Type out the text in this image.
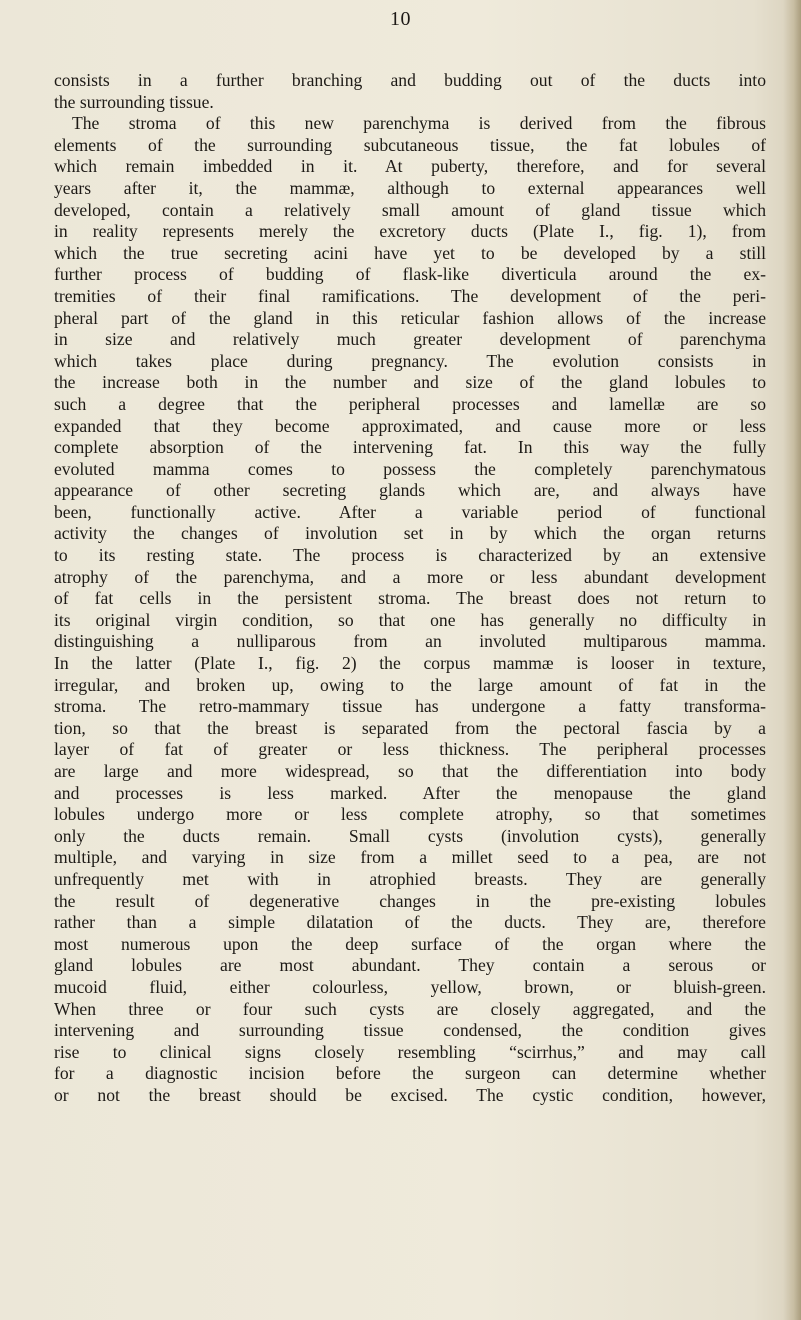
10
consists in a further branching and budding out of the ducts into
the surrounding tissue.
The stroma of this new parenchyma is derived from the fibrous
elements of the surrounding subcutaneous tissue, the fat lobules of
which remain imbedded in it. At puberty, therefore, and for several
years after it, the mammæ, although to external appearances well
developed, contain a relatively small amount of gland tissue which
in reality represents merely the excretory ducts (Plate I., fig. 1), from
which the true secreting acini have yet to be developed by a still
further process of budding of flask-like diverticula around the ex-
tremities of their final ramifications. The development of the peri-
pheral part of the gland in this reticular fashion allows of the increase
in size and relatively much greater development of parenchyma
which takes place during pregnancy. The evolution consists in
the increase both in the number and size of the gland lobules to
such a degree that the peripheral processes and lamellæ are so
expanded that they become approximated, and cause more or less
complete absorption of the intervening fat. In this way the fully
evoluted mamma comes to possess the completely parenchymatous
appearance of other secreting glands which are, and always have
been, functionally active. After a variable period of functional
activity the changes of involution set in by which the organ returns
to its resting state. The process is characterized by an extensive
atrophy of the parenchyma, and a more or less abundant development
of fat cells in the persistent stroma. The breast does not return to
its original virgin condition, so that one has generally no difficulty in
distinguishing a nulliparous from an involuted multiparous mamma.
In the latter (Plate I., fig. 2) the corpus mammæ is looser in texture,
irregular, and broken up, owing to the large amount of fat in the
stroma. The retro-mammary tissue has undergone a fatty transforma-
tion, so that the breast is separated from the pectoral fascia by a
layer of fat of greater or less thickness. The peripheral processes
are large and more widespread, so that the differentiation into body
and processes is less marked. After the menopause the gland
lobules undergo more or less complete atrophy, so that sometimes
only the ducts remain. Small cysts (involution cysts), generally
multiple, and varying in size from a millet seed to a pea, are not
unfrequently met with in atrophied breasts. They are generally
the result of degenerative changes in the pre-existing lobules
rather than a simple dilatation of the ducts. They are, therefore
most numerous upon the deep surface of the organ where the
gland lobules are most abundant. They contain a serous or
mucoid fluid, either colourless, yellow, brown, or bluish-green.
When three or four such cysts are closely aggregated, and the
intervening and surrounding tissue condensed, the condition gives
rise to clinical signs closely resembling “scirrhus,” and may call
for a diagnostic incision before the surgeon can determine whether
or not the breast should be excised. The cystic condition, however,
